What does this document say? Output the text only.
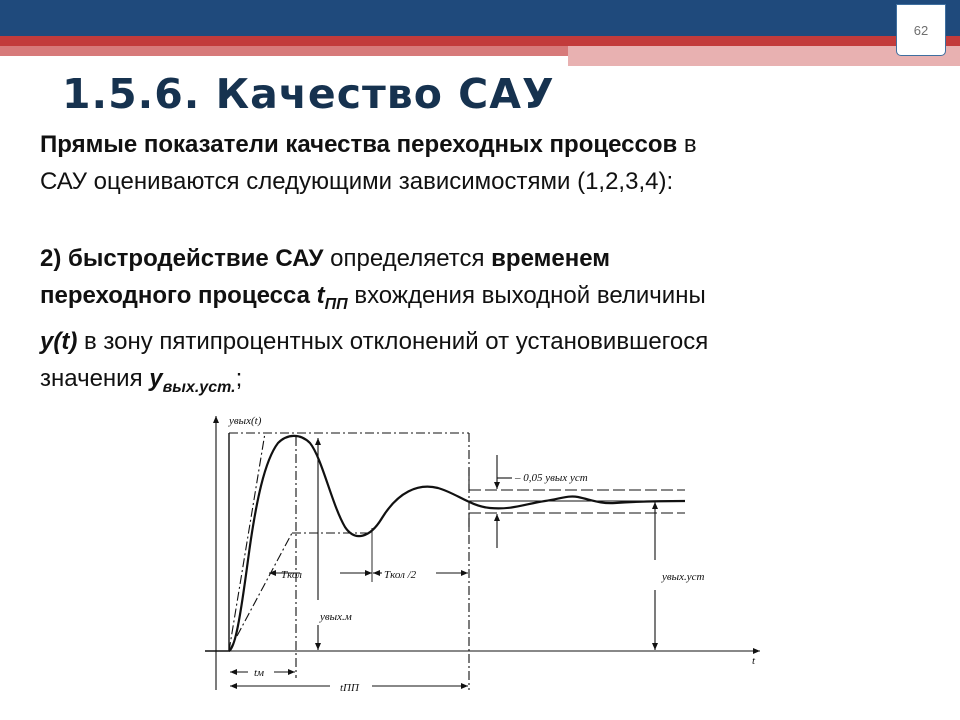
62
1.5.6. Качество САУ

Прямые показатели качества переходных процессов в
САУ оцениваются следующими зависимостями (1,2,3,4):

2) быстродействие САУ определяется временем
переходного процесса $t_{ПП}$ вхождения выходной величины
y(t) в зону пятипроцентных отклонений от установившегося
значения $y_{вых.уст.}$;

yвых(t)
t
– 0,05 yвых уст
Tкол	Tкол /2
yвых.м
yвых.уст
tм
tПП
